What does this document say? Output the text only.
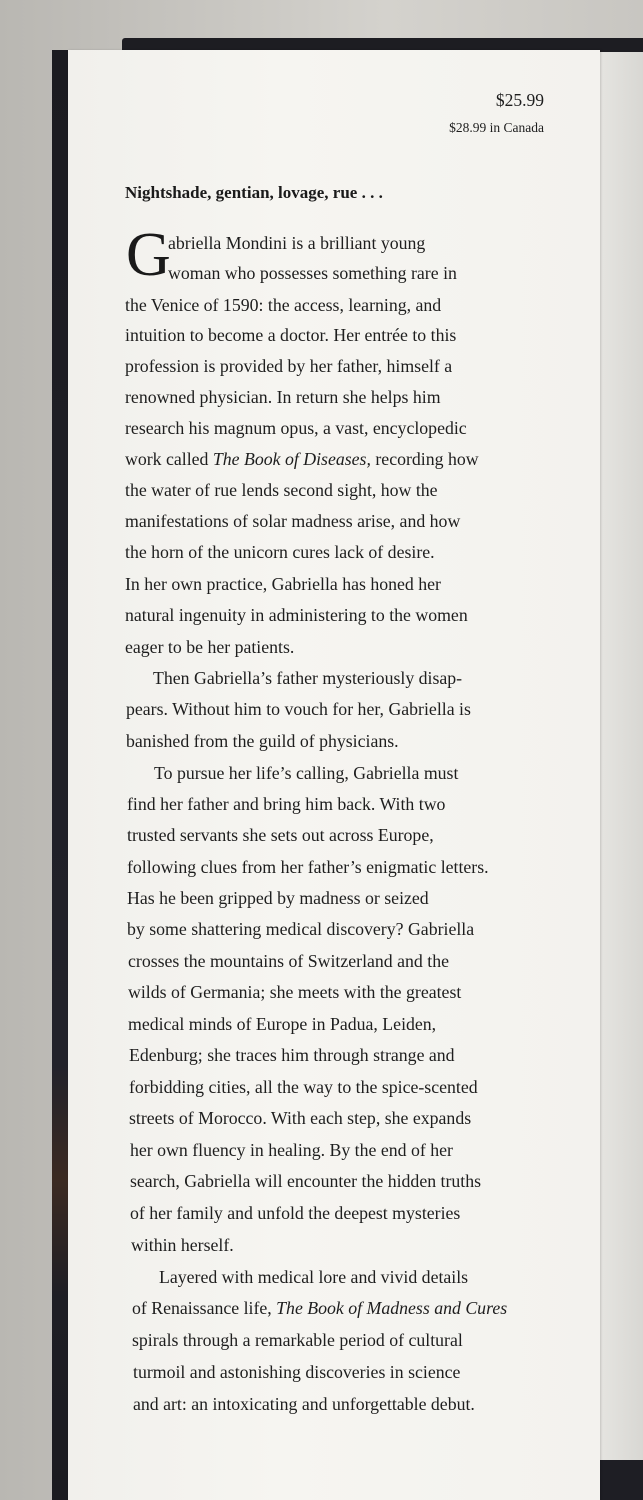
$25.99
$28.99 in Canada
Nightshade, gentian, lovage, rue . . .
G
abriella Mondini is a brilliant young
woman who possesses something rare in
the Venice of 1590: the access, learning, and
intuition to become a doctor. Her entrée to this
profession is provided by her father, himself a
renowned physician. In return she helps him
research his magnum opus, a vast, encyclopedic
work called The Book of Diseases, recording how
the water of rue lends second sight, how the
manifestations of solar madness arise, and how
the horn of the unicorn cures lack of desire.
In her own practice, Gabriella has honed her
natural ingenuity in administering to the women
eager to be her patients.
Then Gabriella’s father mysteriously disap-
pears. Without him to vouch for her, Gabriella is
banished from the guild of physicians.
To pursue her life’s calling, Gabriella must
find her father and bring him back. With two
trusted servants she sets out across Europe,
following clues from her father’s enigmatic letters.
Has he been gripped by madness or seized
by some shattering medical discovery? Gabriella
crosses the mountains of Switzerland and the
wilds of Germania; she meets with the greatest
medical minds of Europe in Padua, Leiden,
Edenburg; she traces him through strange and
forbidding cities, all the way to the spice-scented
streets of Morocco. With each step, she expands
her own fluency in healing. By the end of her
search, Gabriella will encounter the hidden truths
of her family and unfold the deepest mysteries
within herself.
Layered with medical lore and vivid details
of Renaissance life, The Book of Madness and Cures
spirals through a remarkable period of cultural
turmoil and astonishing discoveries in science
and art: an intoxicating and unforgettable debut.
